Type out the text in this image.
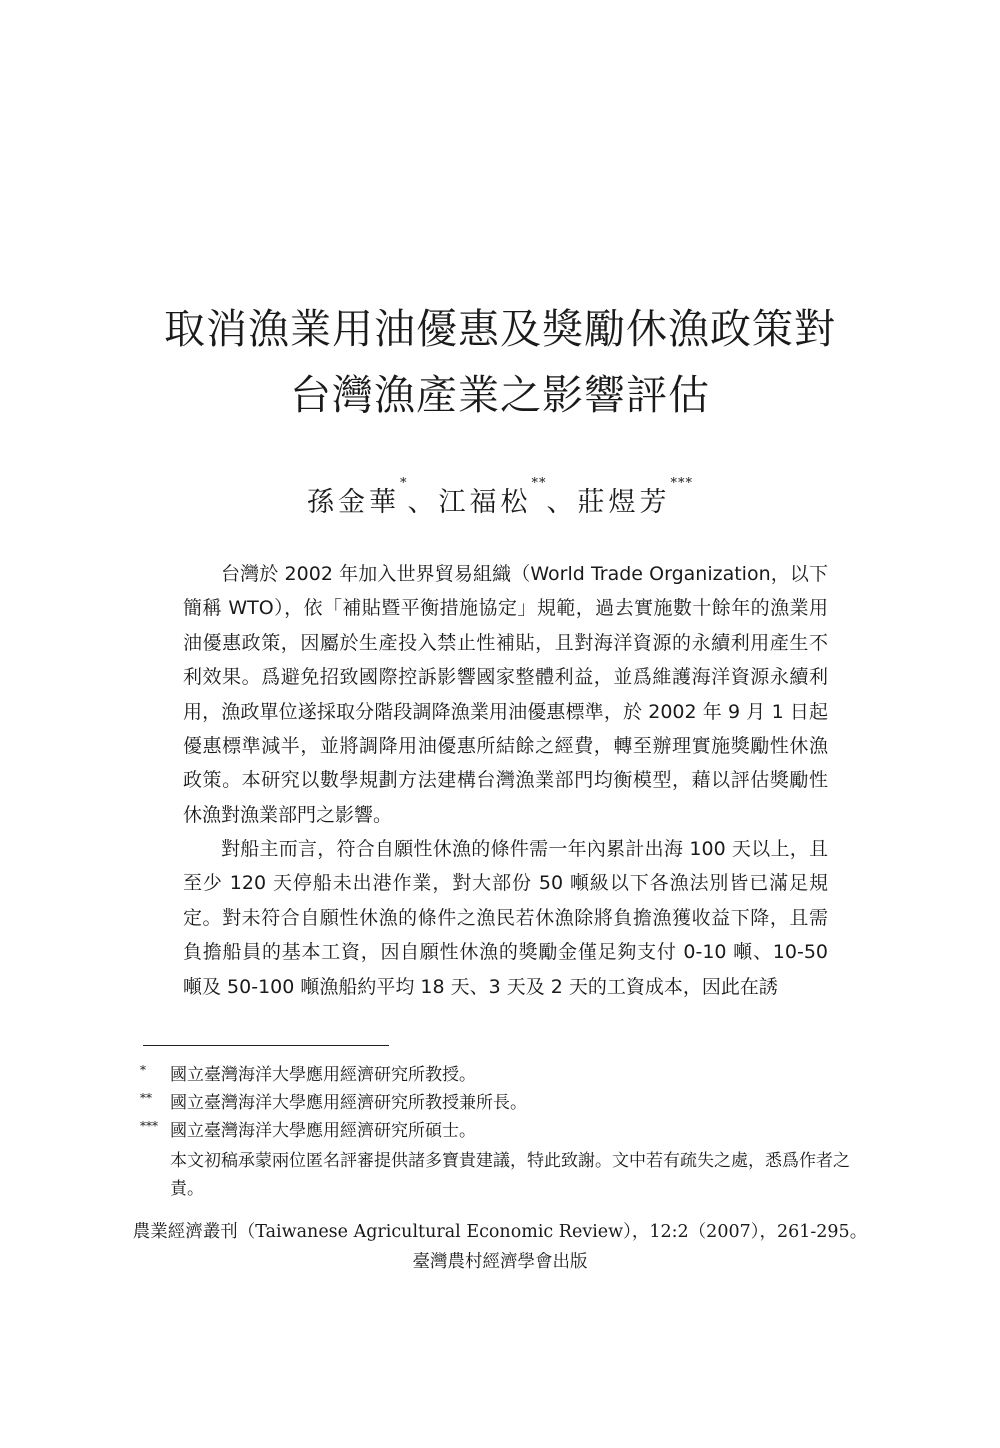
取消漁業用油優惠及獎勵休漁政策對
台灣漁產業之影響評估
孫金華*、江福松**、莊煜芳***

台灣於 2002 年加入世界貿易組織（World Trade Organization，以下簡稱 WTO），依「補貼暨平衡措施協定」規範，過去實施數十餘年的漁業用油優惠政策，因屬於生產投入禁止性補貼，且對海洋資源的永續利用產生不利效果。爲避免招致國際控訴影響國家整體利益，並爲維護海洋資源永續利用，漁政單位遂採取分階段調降漁業用油優惠標準，於 2002 年 9 月 1 日起優惠標準減半，並將調降用油優惠所結餘之經費，轉至辦理實施獎勵性休漁政策。本研究以數學規劃方法建構台灣漁業部門均衡模型，藉以評估獎勵性休漁對漁業部門之影響。

對船主而言，符合自願性休漁的條件需一年內累計出海 100 天以上，且至少 120 天停船未出港作業，對大部份 50 噸級以下各漁法別皆已滿足規定。對未符合自願性休漁的條件之漁民若休漁除將負擔漁獲收益下降，且需負擔船員的基本工資，因自願性休漁的獎勵金僅足夠支付 0-10 噸、10-50 噸及 50-100 噸漁船約平均 18 天、3 天及 2 天的工資成本，因此在誘

* 國立臺灣海洋大學應用經濟研究所教授。
** 國立臺灣海洋大學應用經濟研究所教授兼所長。
*** 國立臺灣海洋大學應用經濟研究所碩士。
本文初稿承蒙兩位匿名評審提供諸多寶貴建議，特此致謝。文中若有疏失之處，悉爲作者之責。
農業經濟叢刊（Taiwanese Agricultural Economic Review），12:2（2007），261-295。
臺灣農村經濟學會出版
